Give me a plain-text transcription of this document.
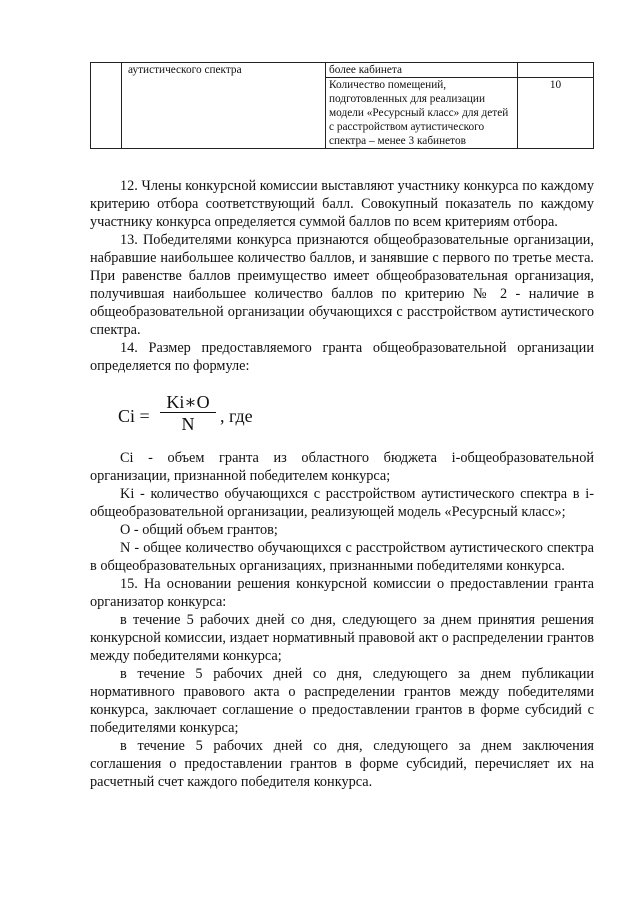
	аутистического спектра	более кабинета	
		Количество помещений, подготовленных для реализации модели «Ресурсный класс» для детей с расстройством аутистического спектра – менее 3 кабинетов	10

12. Члены конкурсной комиссии выставляют участнику конкурса по каждому критерию отбора соответствующий балл. Совокупный показатель по каждому участнику конкурса определяется суммой баллов по всем критериям отбора.

13. Победителями конкурса признаются общеобразовательные организации, набравшие наибольшее количество баллов, и занявшие с первого по третье места. При равенстве баллов преимущество имеет общеобразовательная организация, получившая наибольшее количество баллов по критерию № 2 - наличие в общеобразовательной организации обучающихся с расстройством аутистического спектра.

14. Размер предоставляемого гранта общеобразовательной организации определяется по формуле:

$Ci = \frac{Ki∗O}{N}$ , где

Ci - объем гранта из областного бюджета i-общеобразовательной организации, признанной победителем конкурса;

Ki - количество обучающихся с расстройством аутистического спектра в i-общеобразовательной организации, реализующей модель «Ресурсный класс»;

О - общий объем грантов;

N - общее количество обучающихся с расстройством аутистического спектра в общеобразовательных организациях, признанными победителями конкурса.

15. На основании решения конкурсной комиссии о предоставлении гранта организатор конкурса:

в течение 5 рабочих дней со дня, следующего за днем принятия решения конкурсной комиссии, издает нормативный правовой акт о распределении грантов между победителями конкурса;

в течение 5 рабочих дней со дня, следующего за днем публикации нормативного правового акта о распределении грантов между победителями конкурса, заключает соглашение о предоставлении грантов в форме субсидий с победителями конкурса;

в течение 5 рабочих дней со дня, следующего за днем заключения соглашения о предоставлении грантов в форме субсидий, перечисляет их на расчетный счет каждого победителя конкурса.
